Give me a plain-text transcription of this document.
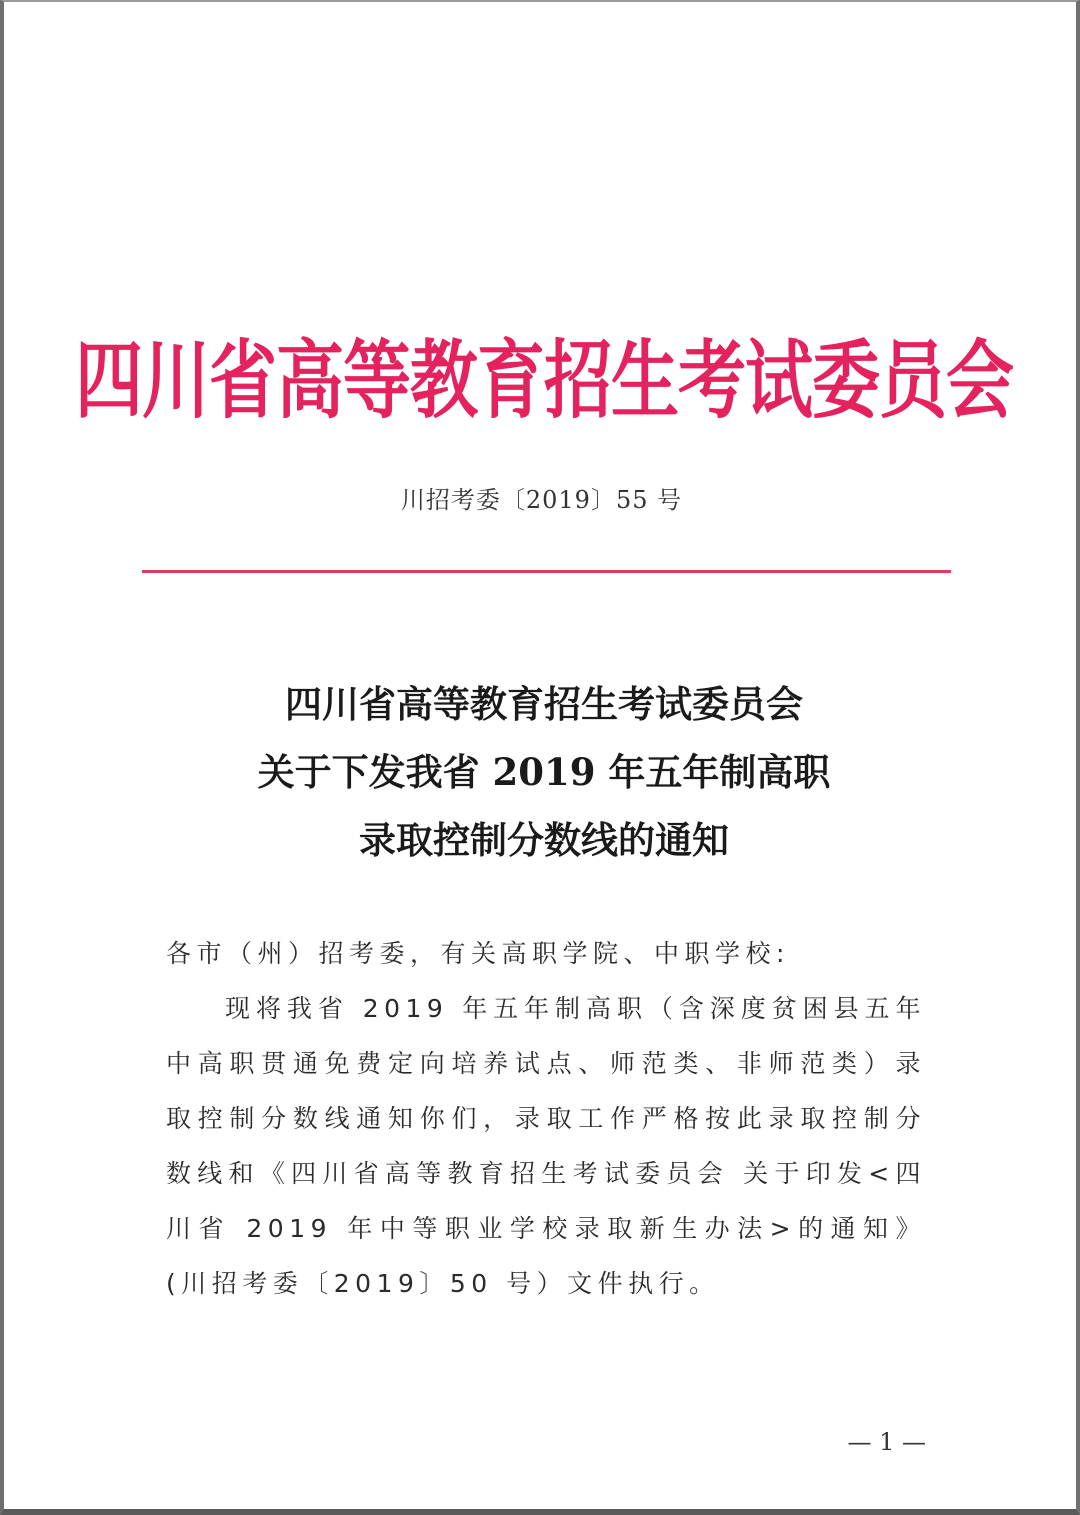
四川省高等教育招生考试委员会
川招考委〔2019〕55 号
四川省高等教育招生考试委员会
关于下发我省 2019 年五年制高职
录取控制分数线的通知

各市（州）招考委，有关高职学院、中职学校:

现将我省 2019 年五年制高职（含深度贫困县五年中高职贯通免费定向培养试点、师范类、非师范类）录取控制分数线通知你们，录取工作严格按此录取控制分数线和《四川省高等教育招生考试委员会 关于印发<四川省 2019 年中等职业学校录取新生办法>的通知》(川招考委〔2019〕50 号）文件执行。

— 1 —
